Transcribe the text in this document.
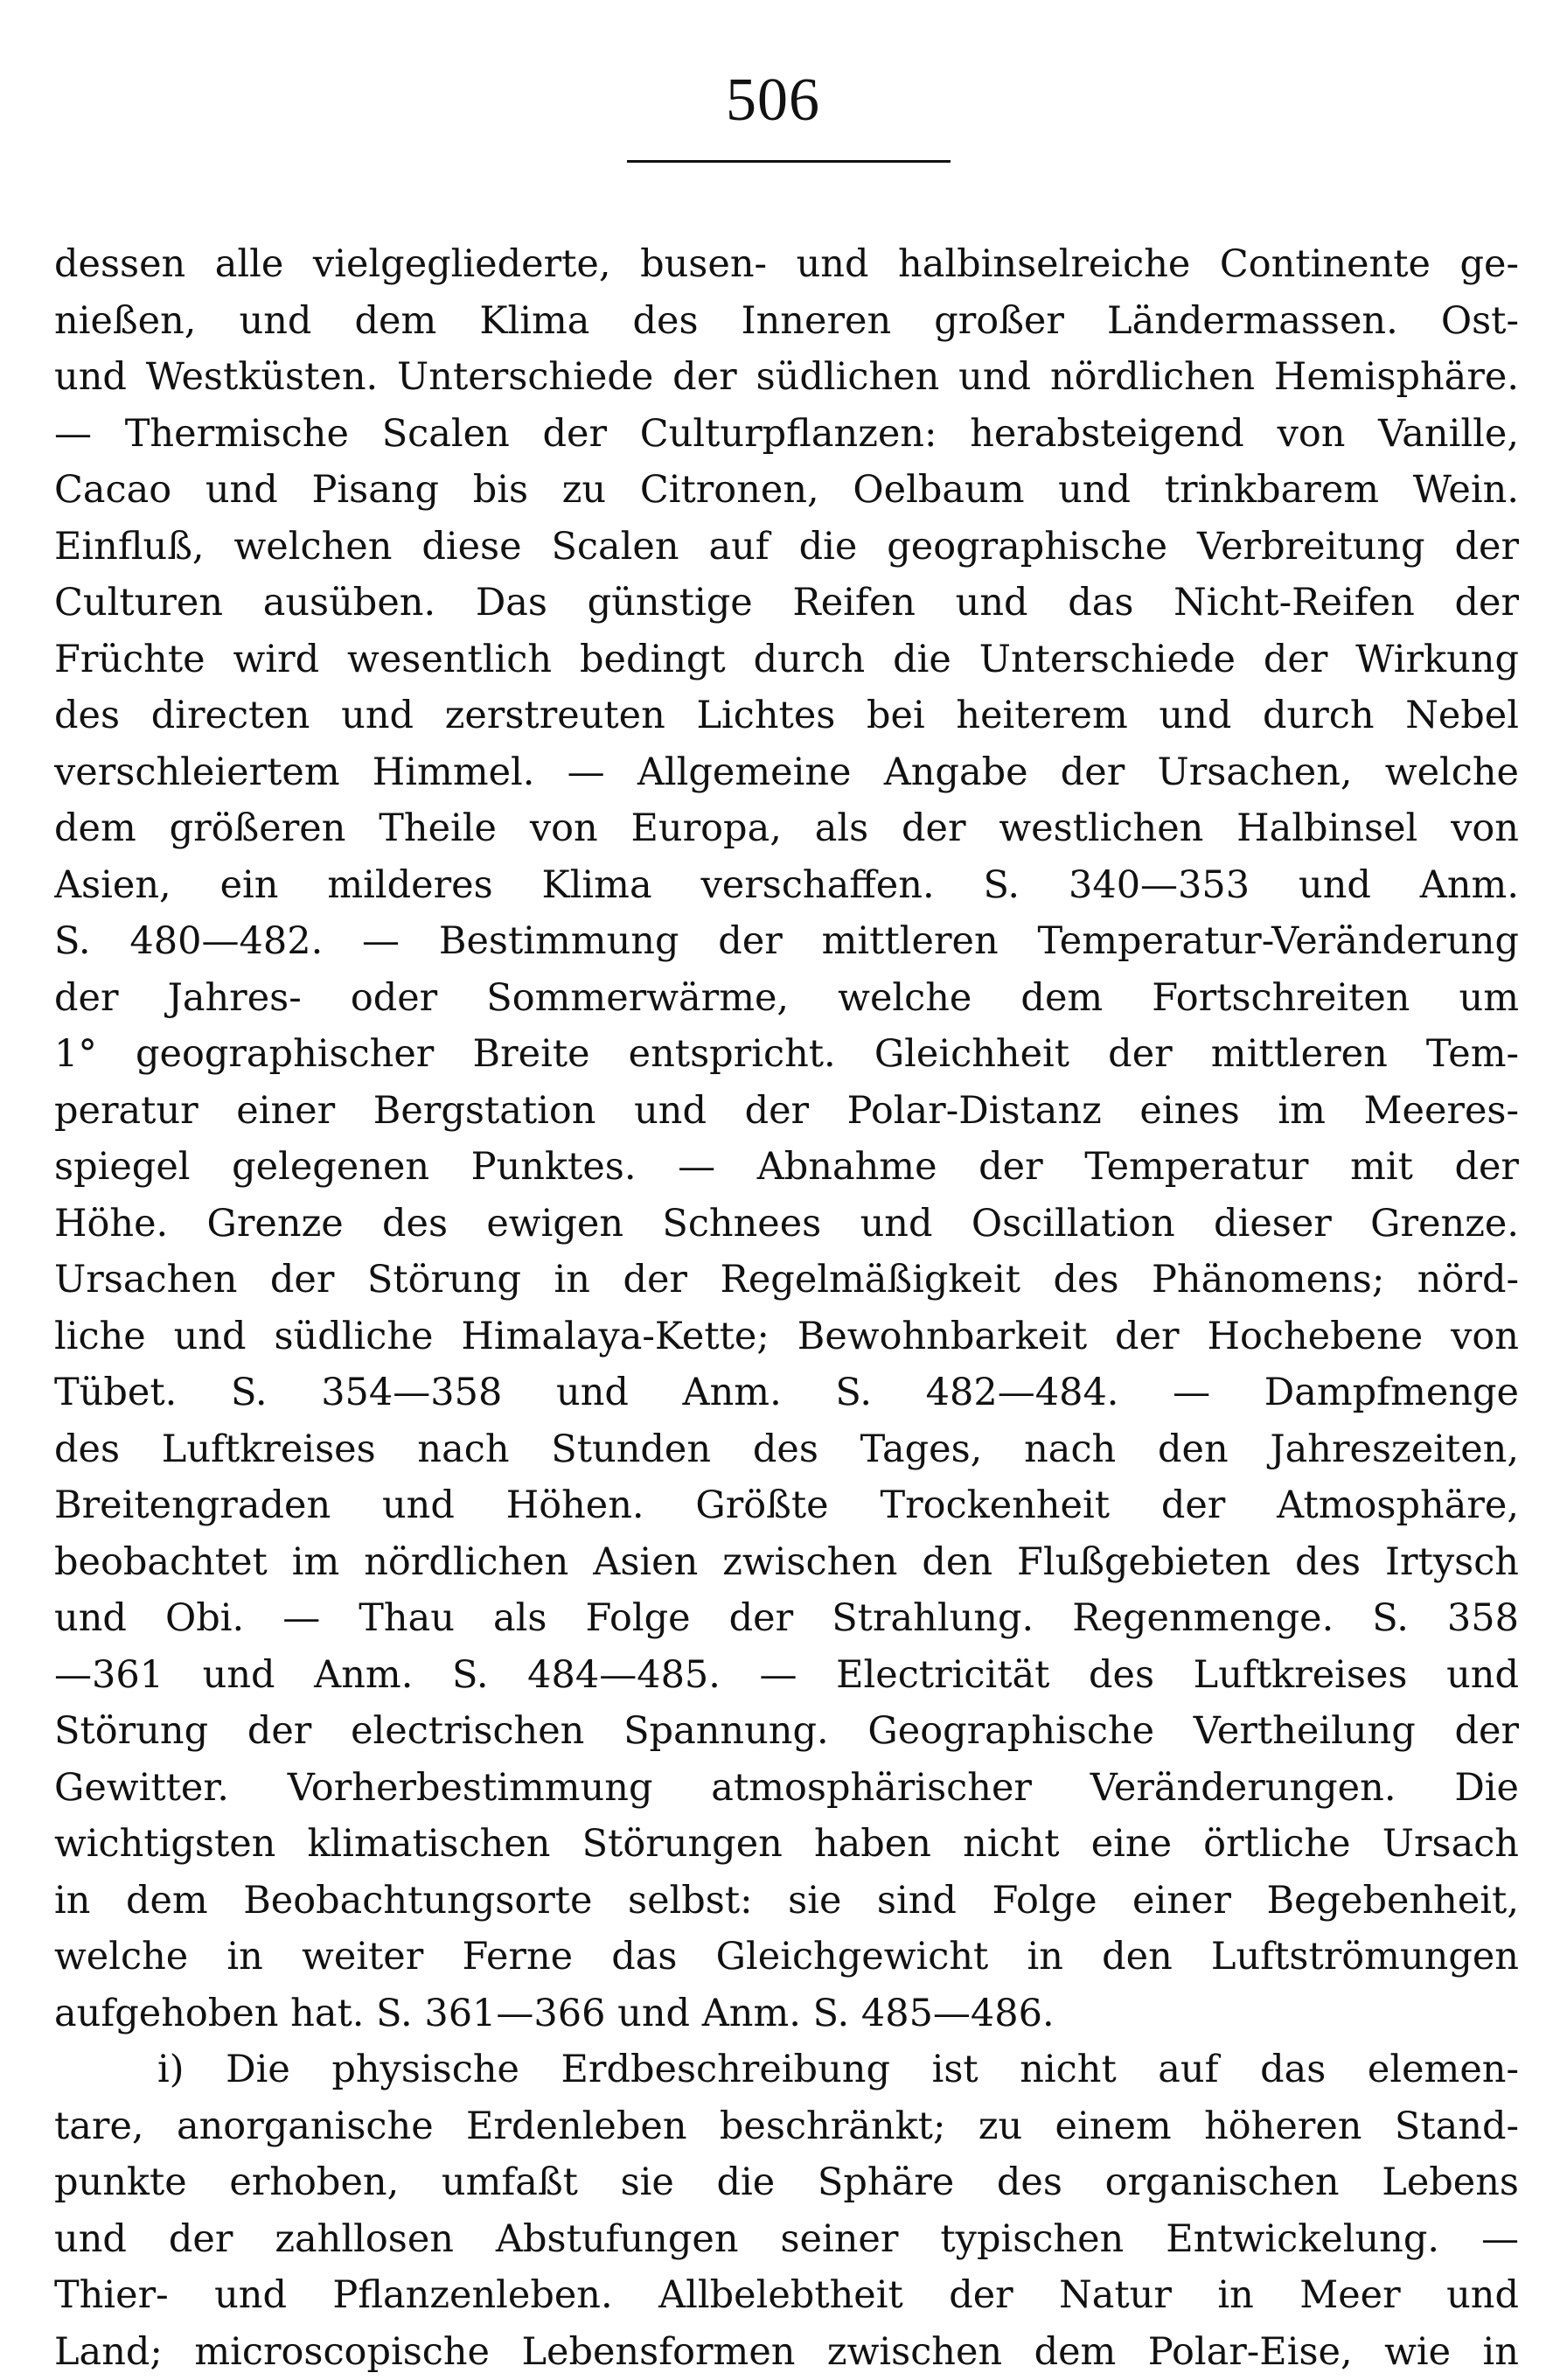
506
dessen alle vielgegliederte, busen- und halbinselreiche Continente ge-
nießen, und dem Klima des Inneren großer Ländermassen. Ost-
und Westküsten. Unterschiede der südlichen und nördlichen Hemisphäre.
— Thermische Scalen der Culturpflanzen: herabsteigend von Vanille,
Cacao und Pisang bis zu Citronen, Oelbaum und trinkbarem Wein.
Einfluß, welchen diese Scalen auf die geographische Verbreitung der
Culturen ausüben. Das günstige Reifen und das Nicht-Reifen der
Früchte wird wesentlich bedingt durch die Unterschiede der Wirkung
des directen und zerstreuten Lichtes bei heiterem und durch Nebel
verschleiertem Himmel. — Allgemeine Angabe der Ursachen, welche
dem größeren Theile von Europa, als der westlichen Halbinsel von
Asien, ein milderes Klima verschaffen. S. 340—353 und Anm.
S. 480—482. — Bestimmung der mittleren Temperatur-Veränderung
der Jahres- oder Sommerwärme, welche dem Fortschreiten um
1° geographischer Breite entspricht. Gleichheit der mittleren Tem-
peratur einer Bergstation und der Polar-Distanz eines im Meeres-
spiegel gelegenen Punktes. — Abnahme der Temperatur mit der
Höhe. Grenze des ewigen Schnees und Oscillation dieser Grenze.
Ursachen der Störung in der Regelmäßigkeit des Phänomens; nörd-
liche und südliche Himalaya-Kette; Bewohnbarkeit der Hochebene von
Tübet. S. 354—358 und Anm. S. 482—484. — Dampfmenge
des Luftkreises nach Stunden des Tages, nach den Jahreszeiten,
Breitengraden und Höhen. Größte Trockenheit der Atmosphäre,
beobachtet im nördlichen Asien zwischen den Flußgebieten des Irtysch
und Obi. — Thau als Folge der Strahlung. Regenmenge. S. 358
—361 und Anm. S. 484—485. — Electricität des Luftkreises und
Störung der electrischen Spannung. Geographische Vertheilung der
Gewitter. Vorherbestimmung atmosphärischer Veränderungen. Die
wichtigsten klimatischen Störungen haben nicht eine örtliche Ursach
in dem Beobachtungsorte selbst: sie sind Folge einer Begebenheit,
welche in weiter Ferne das Gleichgewicht in den Luftströmungen
aufgehoben hat. S. 361—366 und Anm. S. 485—486.
i) Die physische Erdbeschreibung ist nicht auf das elemen-
tare, anorganische Erdenleben beschränkt; zu einem höheren Stand-
punkte erhoben, umfaßt sie die Sphäre des organischen Lebens
und der zahllosen Abstufungen seiner typischen Entwickelung. —
Thier- und Pflanzenleben. Allbelebtheit der Natur in Meer und
Land; microscopische Lebensformen zwischen dem Polar-Eise, wie in
